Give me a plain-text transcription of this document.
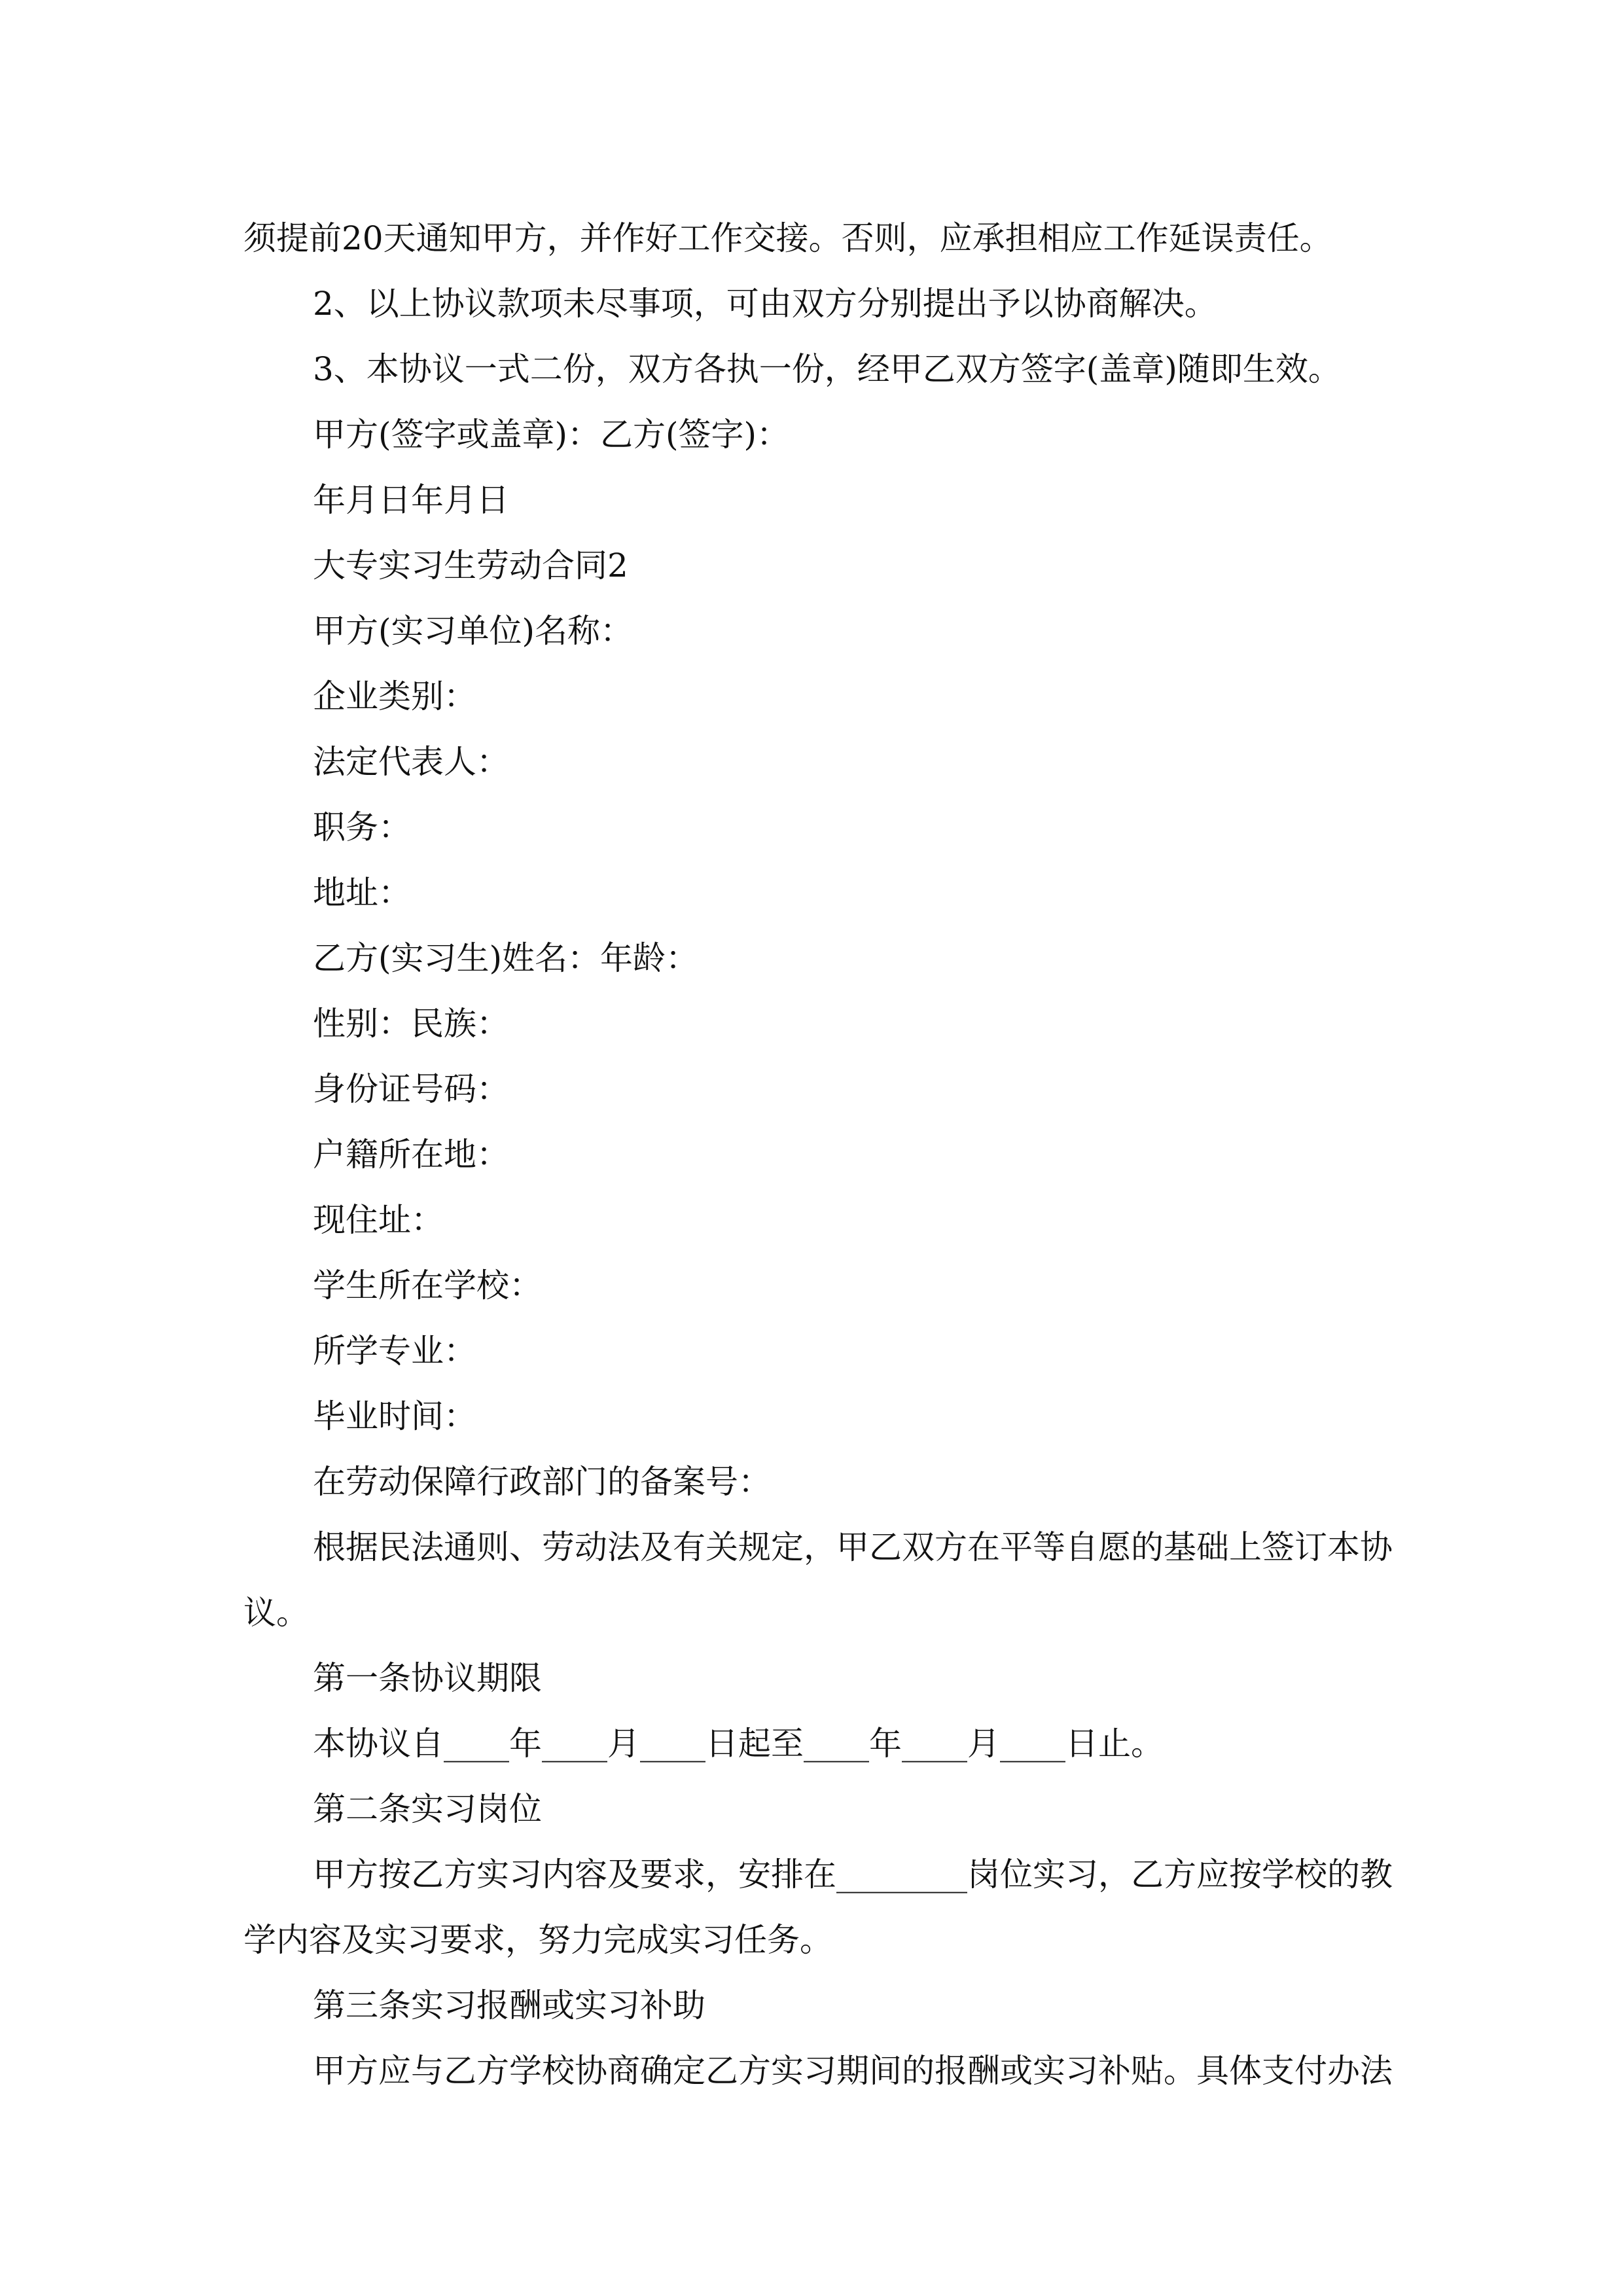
须提前20天通知甲方，并作好工作交接。否则，应承担相应工作延误责任。
2、以上协议款项未尽事项，可由双方分别提出予以协商解决。
3、本协议一式二份，双方各执一份，经甲乙双方签字(盖章)随即生效。
甲方(签字或盖章)：乙方(签字)：
年月日年月日
大专实习生劳动合同2
甲方(实习单位)名称：
企业类别：
法定代表人：
职务：
地址：
乙方(实习生)姓名：年龄：
性别：民族：
身份证号码：
户籍所在地：
现住址：
学生所在学校：
所学专业：
毕业时间：
在劳动保障行政部门的备案号：
根据民法通则、劳动法及有关规定，甲乙双方在平等自愿的基础上签订本协
议。
第一条协议期限
本协议自____年____月____日起至____年____月____日止。
第二条实习岗位
甲方按乙方实习内容及要求，安排在________岗位实习，乙方应按学校的教
学内容及实习要求，努力完成实习任务。
第三条实习报酬或实习补助
甲方应与乙方学校协商确定乙方实习期间的报酬或实习补贴。具体支付办法
